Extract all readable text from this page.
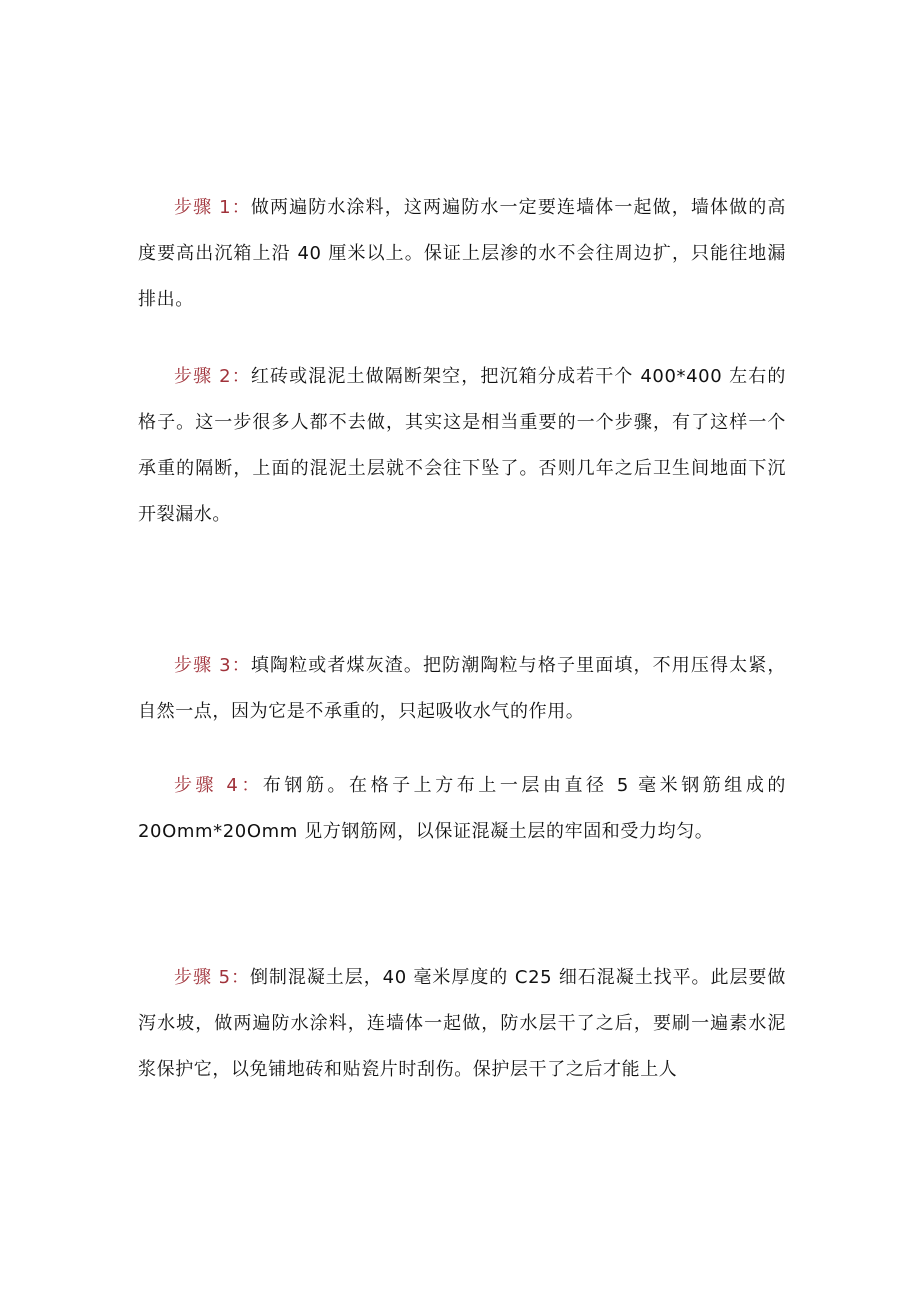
步骤 1：做两遍防水涂料，这两遍防水一定要连墙体一起做，墙体做的高度要高出沉箱上沿 40 厘米以上。保证上层渗的水不会往周边扩，只能往地漏排出。

步骤 2：红砖或混泥土做隔断架空，把沉箱分成若干个 400*400 左右的格子。这一步很多人都不去做，其实这是相当重要的一个步骤，有了这样一个承重的隔断，上面的混泥土层就不会往下坠了。否则几年之后卫生间地面下沉开裂漏水。

步骤 3：填陶粒或者煤灰渣。把防潮陶粒与格子里面填，不用压得太紧，自然一点，因为它是不承重的，只起吸收水气的作用。

步骤 4：布钢筋。在格子上方布上一层由直径 5 毫米钢筋组成的 20Omm*20Omm 见方钢筋网，以保证混凝土层的牢固和受力均匀。

步骤 5：倒制混凝土层，40 毫米厚度的 C25 细石混凝土找平。此层要做泻水坡，做两遍防水涂料，连墙体一起做，防水层干了之后，要刷一遍素水泥浆保护它，以免铺地砖和贴瓷片时刮伤。保护层干了之后才能上人
